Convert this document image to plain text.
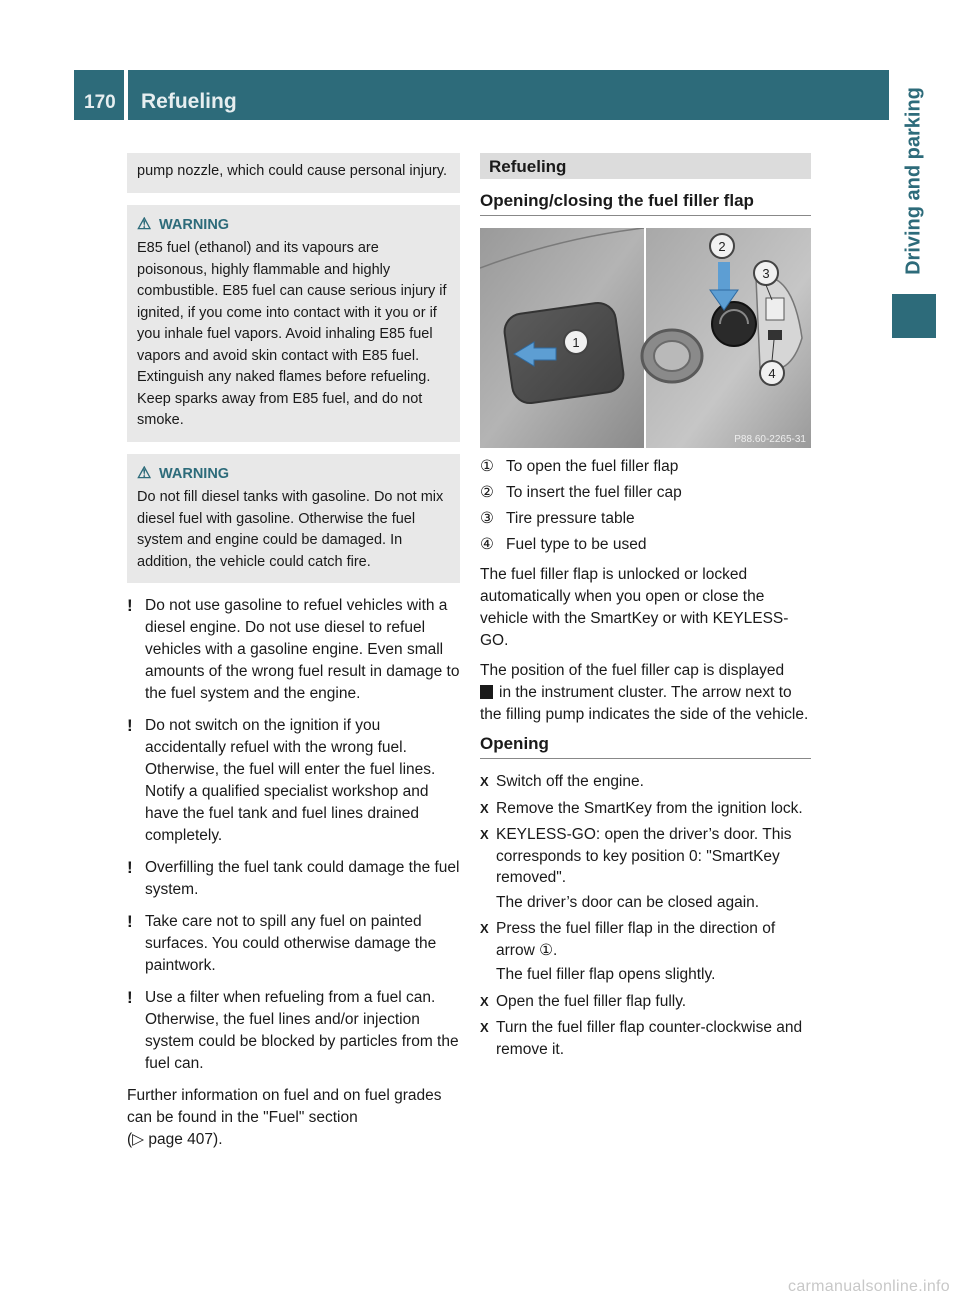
170 Refueling	Driving and parking

pump nozzle, which could cause personal injury.

⚠ WARNING

E85 fuel (ethanol) and its vapours are poisonous, highly flammable and highly combustible. E85 fuel can cause serious injury if ignited, if you come into contact with it you or if you inhale fuel vapors. Avoid inhaling E85 fuel vapors and avoid skin contact with E85 fuel. Extinguish any naked flames before refueling. Keep sparks away from E85 fuel, and do not smoke.

⚠ WARNING

Do not fill diesel tanks with gasoline. Do not mix diesel fuel with gasoline. Otherwise the fuel system and engine could be damaged. In addition, the vehicle could catch fire.

! Do not use gasoline to refuel vehicles with a diesel engine. Do not use diesel to refuel vehicles with a gasoline engine. Even small amounts of the wrong fuel result in damage to the fuel system and the engine.
! Do not switch on the ignition if you accidentally refuel with the wrong fuel. Otherwise, the fuel will enter the fuel lines. Notify a qualified specialist workshop and have the fuel tank and fuel lines drained completely.
! Overfilling the fuel tank could damage the fuel system.
! Take care not to spill any fuel on painted surfaces. You could otherwise damage the paintwork.
! Use a filter when refueling from a fuel can. Otherwise, the fuel lines and/or injection system could be blocked by particles from the fuel can.

Further information on fuel and on fuel grades can be found in the "Fuel" section
(▷ page 407).

Refueling
Opening/closing the fuel filler flap
1
2
3
4
P88.60-2265-31
① To open the fuel filler flap
② To insert the fuel filler cap
③ Tire pressure table
④ Fuel type to be used

The fuel filler flap is unlocked or locked automatically when you open or close the vehicle with the SmartKey or with KEYLESS-GO.

The position of the fuel filler cap is displayed
in the instrument cluster. The arrow next to the filling pump indicates the side of the vehicle.

Opening
X Switch off the engine.
X Remove the SmartKey from the ignition lock.
X KEYLESS-GO: open the driver’s door. This corresponds to key position 0: "SmartKey removed".
The driver’s door can be closed again.
X Press the fuel filler flap in the direction of arrow ①.
The fuel filler flap opens slightly.
X Open the fuel filler flap fully.
X Turn the fuel filler flap counter-clockwise and remove it.
carmanualsonline.info
